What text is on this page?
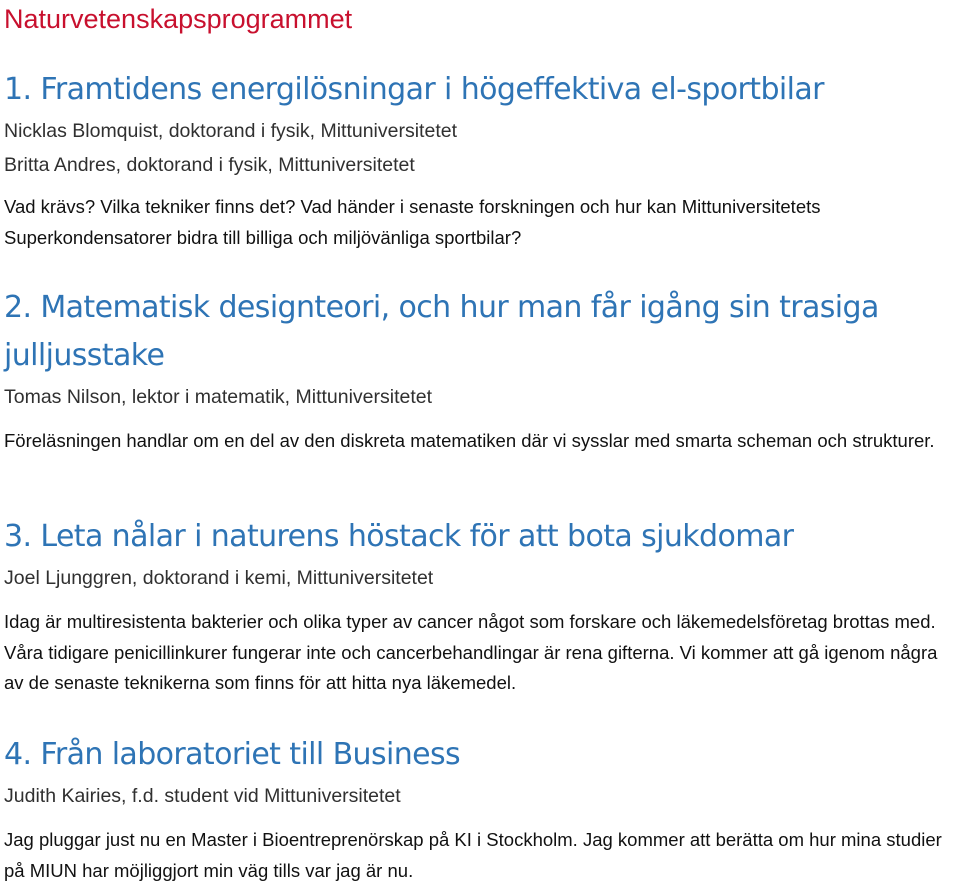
Naturvetenskapsprogrammet
1. Framtidens energilösningar i högeffektiva el-sportbilar
Nicklas Blomquist, doktorand i fysik, Mittuniversitetet
Britta Andres, doktorand i fysik, Mittuniversitetet
Vad krävs? Vilka tekniker finns det? Vad händer i senaste forskningen och hur kan Mittuniversitetets Superkondensatorer bidra till billiga och miljövänliga sportbilar?
2. Matematisk designteori, och hur man får igång sin trasiga julljusstake
Tomas Nilson, lektor i matematik, Mittuniversitetet
Föreläsningen handlar om en del av den diskreta matematiken där vi sysslar med smarta scheman och strukturer.
3. Leta nålar i naturens höstack för att bota sjukdomar
Joel Ljunggren, doktorand i kemi, Mittuniversitetet
Idag är multiresistenta bakterier och olika typer av cancer något som forskare och läkemedelsföretag brottas med. Våra tidigare penicillinkurer fungerar inte och cancerbehandlingar är rena gifterna. Vi kommer att gå igenom några av de senaste teknikerna som finns för att hitta nya läkemedel.
4. Från laboratoriet till Business
Judith Kairies, f.d. student vid Mittuniversitetet
Jag pluggar just nu en Master i Bioentreprenörskap på KI i Stockholm. Jag kommer att berätta om hur mina studier på MIUN har möjliggjort min väg tills var jag är nu.
